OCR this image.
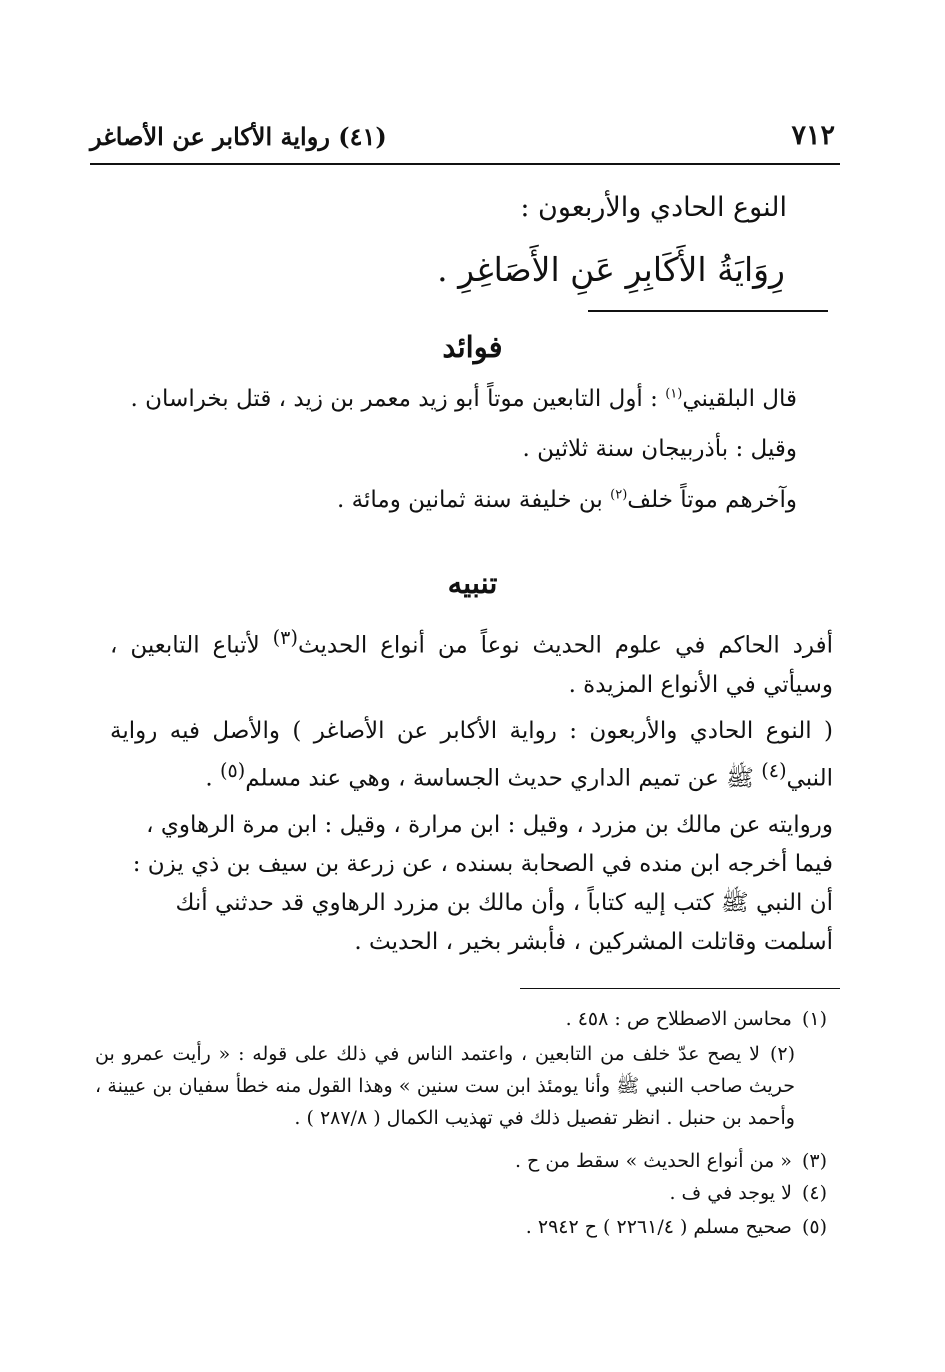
٧١٢
(٤١) رواية الأكابر عن الأصاغر
النوع الحادي والأربعون :
رِوَايَةُ الأَكَابِرِ عَنِ الأَصَاغِرِ .
فوائد
قال البلقيني$^{(١)}$ : أول التابعين موتاً أبو زيد معمر بن زيد ، قتل بخراسان .
وقيل : بأذربيجان سنة ثلاثين .
وآخرهم موتاً خلف$^{(٢)}$ بن خليفة سنة ثمانين ومائة .
تنبيه
أفرد الحاكم في علوم الحديث نوعاً من أنواع الحديث$^{(٣)}$ لأتباع التابعين ، وسيأتي في الأنواع المزيدة .
( النوع الحادي والأربعون : رواية الأكابر عن الأصاغر ) والأصل فيه رواية النبي$^{(٤)}$ ﷺ عن تميم الداري حديث الجساسة ، وهي عند مسلم$^{(٥)}$ .
وروايته عن مالك بن مزرد ، وقيل : ابن مرارة ، وقيل : ابن مرة الرهاوي ، فيما أخرجه ابن منده في الصحابة بسنده ، عن زرعة بن سيف بن ذي يزن : أن النبي ﷺ كتب إليه كتاباً ، وأن مالك بن مزرد الرهاوي قد حدثني أنك أسلمت وقاتلت المشركين ، فأبشر بخير ، الحديث .
(١)محاسن الاصطلاح ص : ٤٥٨ .
(٢)لا يصح عدّ خلف من التابعين ، واعتمد الناس في ذلك على قوله : « رأيت عمرو بن حريث صاحب النبي ﷺ وأنا يومئذ ابن ست سنين » وهذا القول منه خطأ سفيان بن عيينة ، وأحمد بن حنبل . انظر تفصيل ذلك في تهذيب الكمال ( ٢٨٧/٨ ) .
(٣)« من أنواع الحديث » سقط من ح .
(٤)لا يوجد في ف .
(٥)صحيح مسلم ( ٢٢٦١/٤ ) ح ٢٩٤٢ .
